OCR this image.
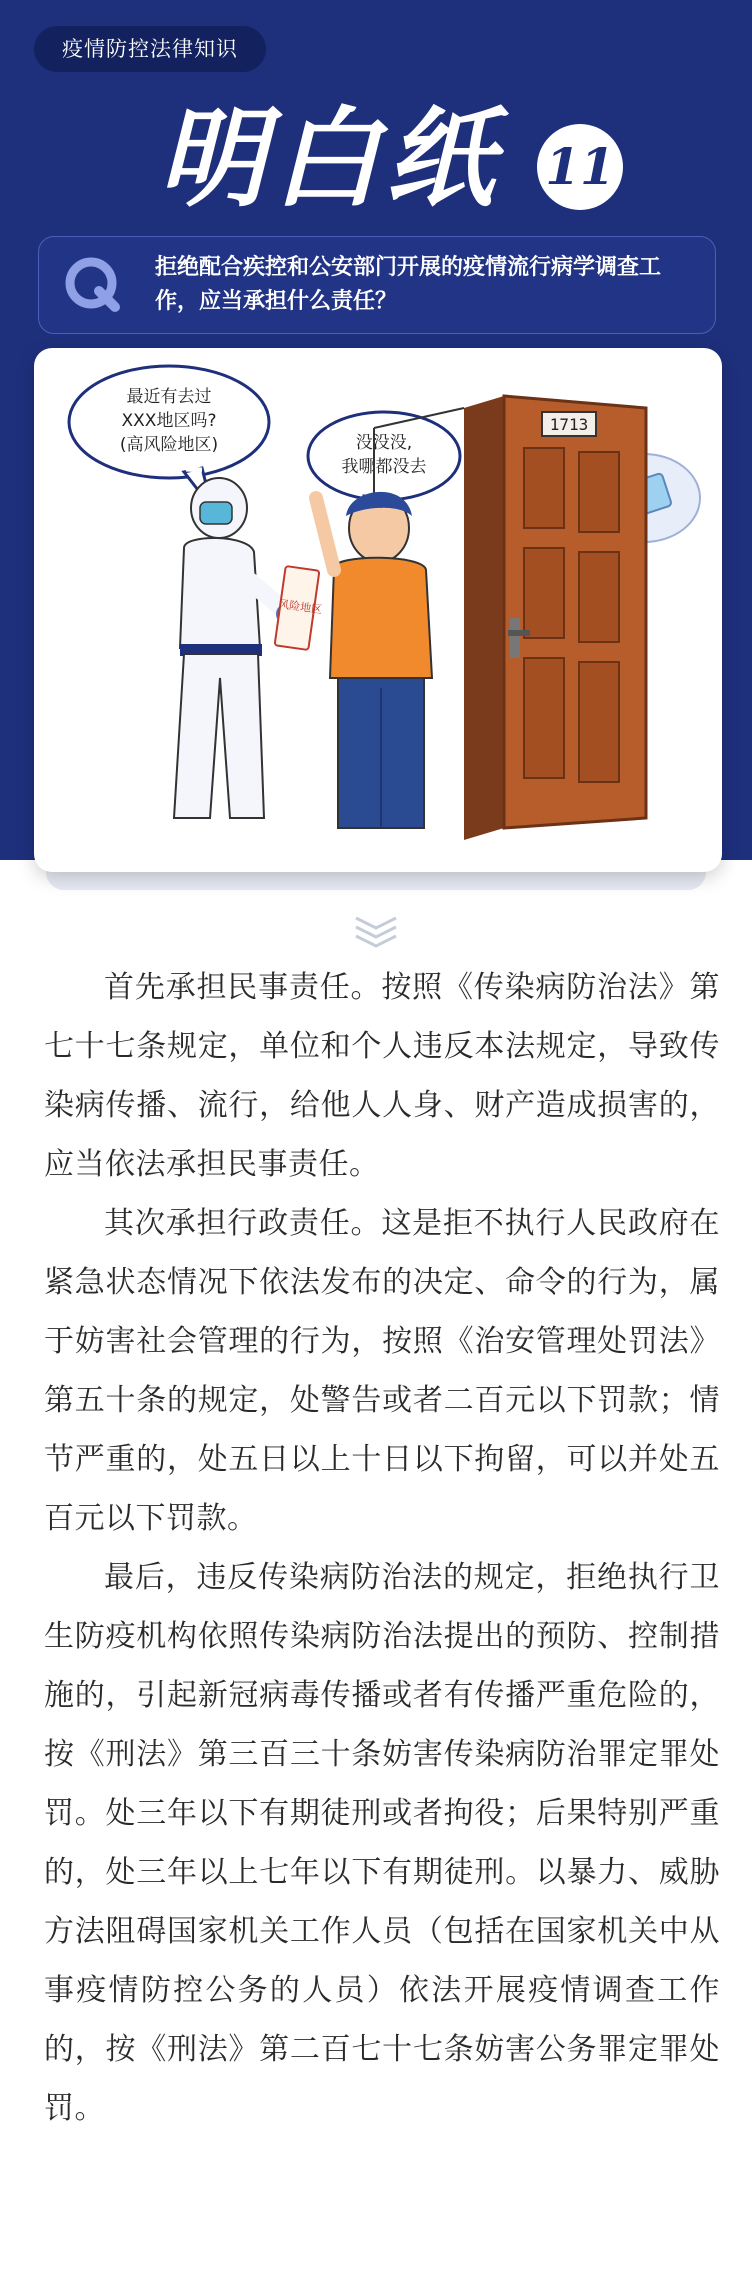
疫情防控法律知识
明白纸 11
拒绝配合疾控和公安部门开展的疫情流行病学调查工作，应当承担什么责任？
最近有去过
XXX地区吗?
(高风险地区)	没没没,
我哪都没去
1713
风险地区

首先承担民事责任。按照《传染病防治法》第七十七条规定，单位和个人违反本法规定，导致传染病传播、流行，给他人人身、财产造成损害的，应当依法承担民事责任。

其次承担行政责任。这是拒不执行人民政府在紧急状态情况下依法发布的决定、命令的行为，属于妨害社会管理的行为，按照《治安管理处罚法》第五十条的规定，处警告或者二百元以下罚款；情节严重的，处五日以上十日以下拘留，可以并处五百元以下罚款。

最后，违反传染病防治法的规定，拒绝执行卫生防疫机构依照传染病防治法提出的预防、控制措施的，引起新冠病毒传播或者有传播严重危险的，按《刑法》第三百三十条妨害传染病防治罪定罪处罚。处三年以下有期徒刑或者拘役；后果特别严重的，处三年以上七年以下有期徒刑。以暴力、威胁方法阻碍国家机关工作人员（包括在国家机关中从事疫情防控公务的人员）依法开展疫情调查工作的，按《刑法》第二百七十七条妨害公务罪定罪处罚。
